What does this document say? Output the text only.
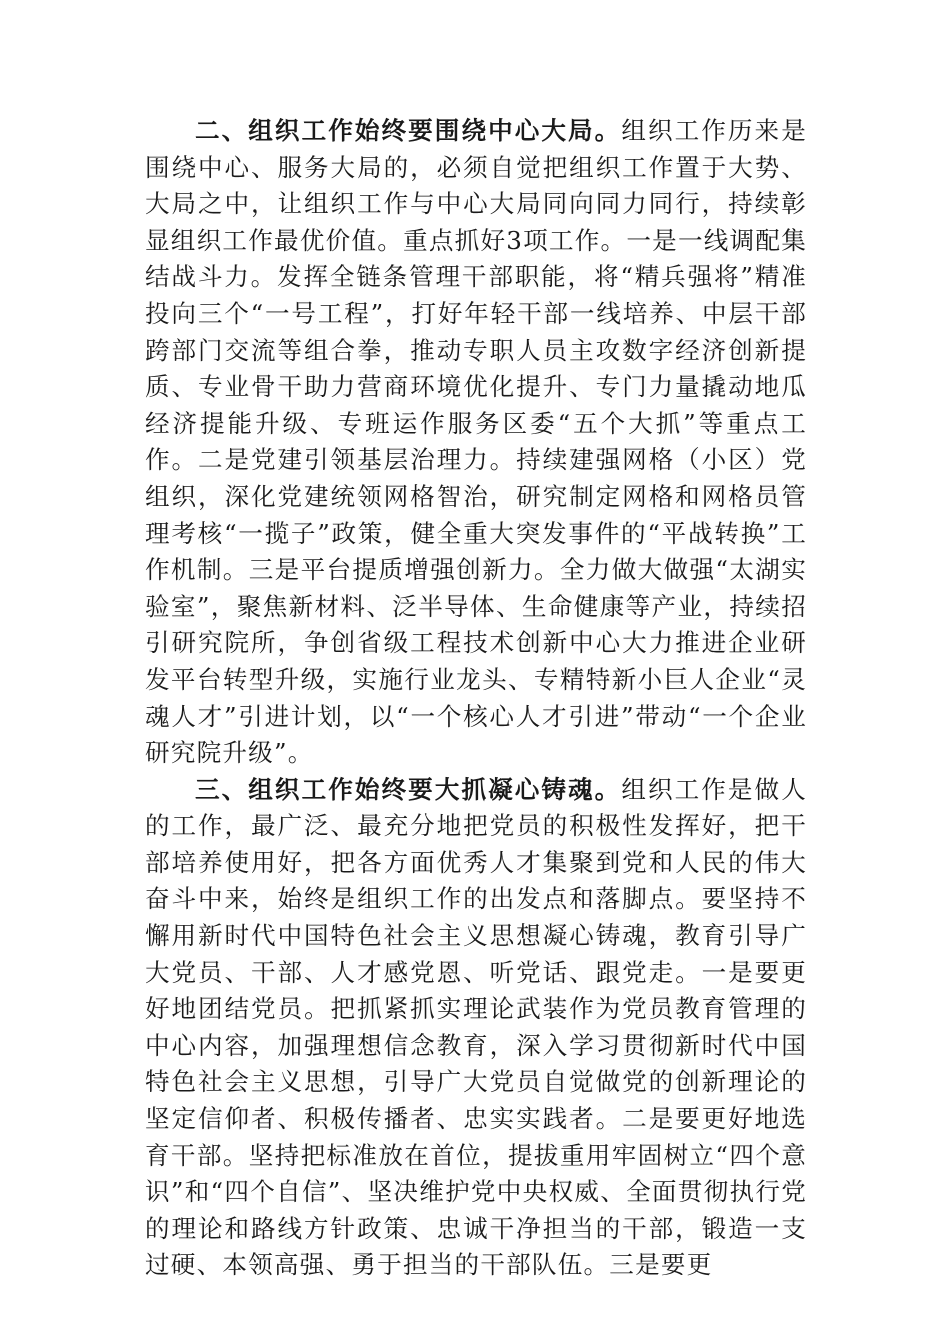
二、组织工作始终要围绕中心大局。组织工作历来是围绕中心、服务大局的，必须自觉把组织工作置于大势、大局之中，让组织工作与中心大局同向同力同行，持续彰显组织工作最优价值。重点抓好3项工作。一是一线调配集结战斗力。发挥全链条管理干部职能，将“精兵强将”精准投向三个“一号工程”，打好年轻干部一线培养、中层干部跨部门交流等组合拳，推动专职人员主攻数字经济创新提质、专业骨干助力营商环境优化提升、专门力量撬动地瓜经济提能升级、专班运作服务区委“五个大抓”等重点工作。二是党建引领基层治理力。持续建强网格（小区）党组织，深化党建统领网格智治，研究制定网格和网格员管理考核“一揽子”政策，健全重大突发事件的“平战转换”工作机制。三是平台提质增强创新力。全力做大做强“太湖实验室”，聚焦新材料、泛半导体、生命健康等产业，持续招引研究院所，争创省级工程技术创新中心大力推进企业研发平台转型升级，实施行业龙头、专精特新小巨人企业“灵魂人才”引进计划，以“一个核心人才引进”带动“一个企业研究院升级”。

三、组织工作始终要大抓凝心铸魂。组织工作是做人的工作，最广泛、最充分地把党员的积极性发挥好，把干部培养使用好，把各方面优秀人才集聚到党和人民的伟大奋斗中来，始终是组织工作的出发点和落脚点。要坚持不懈用新时代中国特色社会主义思想凝心铸魂，教育引导广大党员、干部、人才感党恩、听党话、跟党走。一是要更好地团结党员。把抓紧抓实理论武装作为党员教育管理的中心内容，加强理想信念教育，深入学习贯彻新时代中国特色社会主义思想，引导广大党员自觉做党的创新理论的坚定信仰者、积极传播者、忠实实践者。二是要更好地选育干部。坚持把标准放在首位，提拔重用牢固树立“四个意识”和“四个自信”、坚决维护党中央权威、全面贯彻执行党的理论和路线方针政策、忠诚干净担当的干部，锻造一支过硬、本领高强、勇于担当的干部队伍。三是要更
